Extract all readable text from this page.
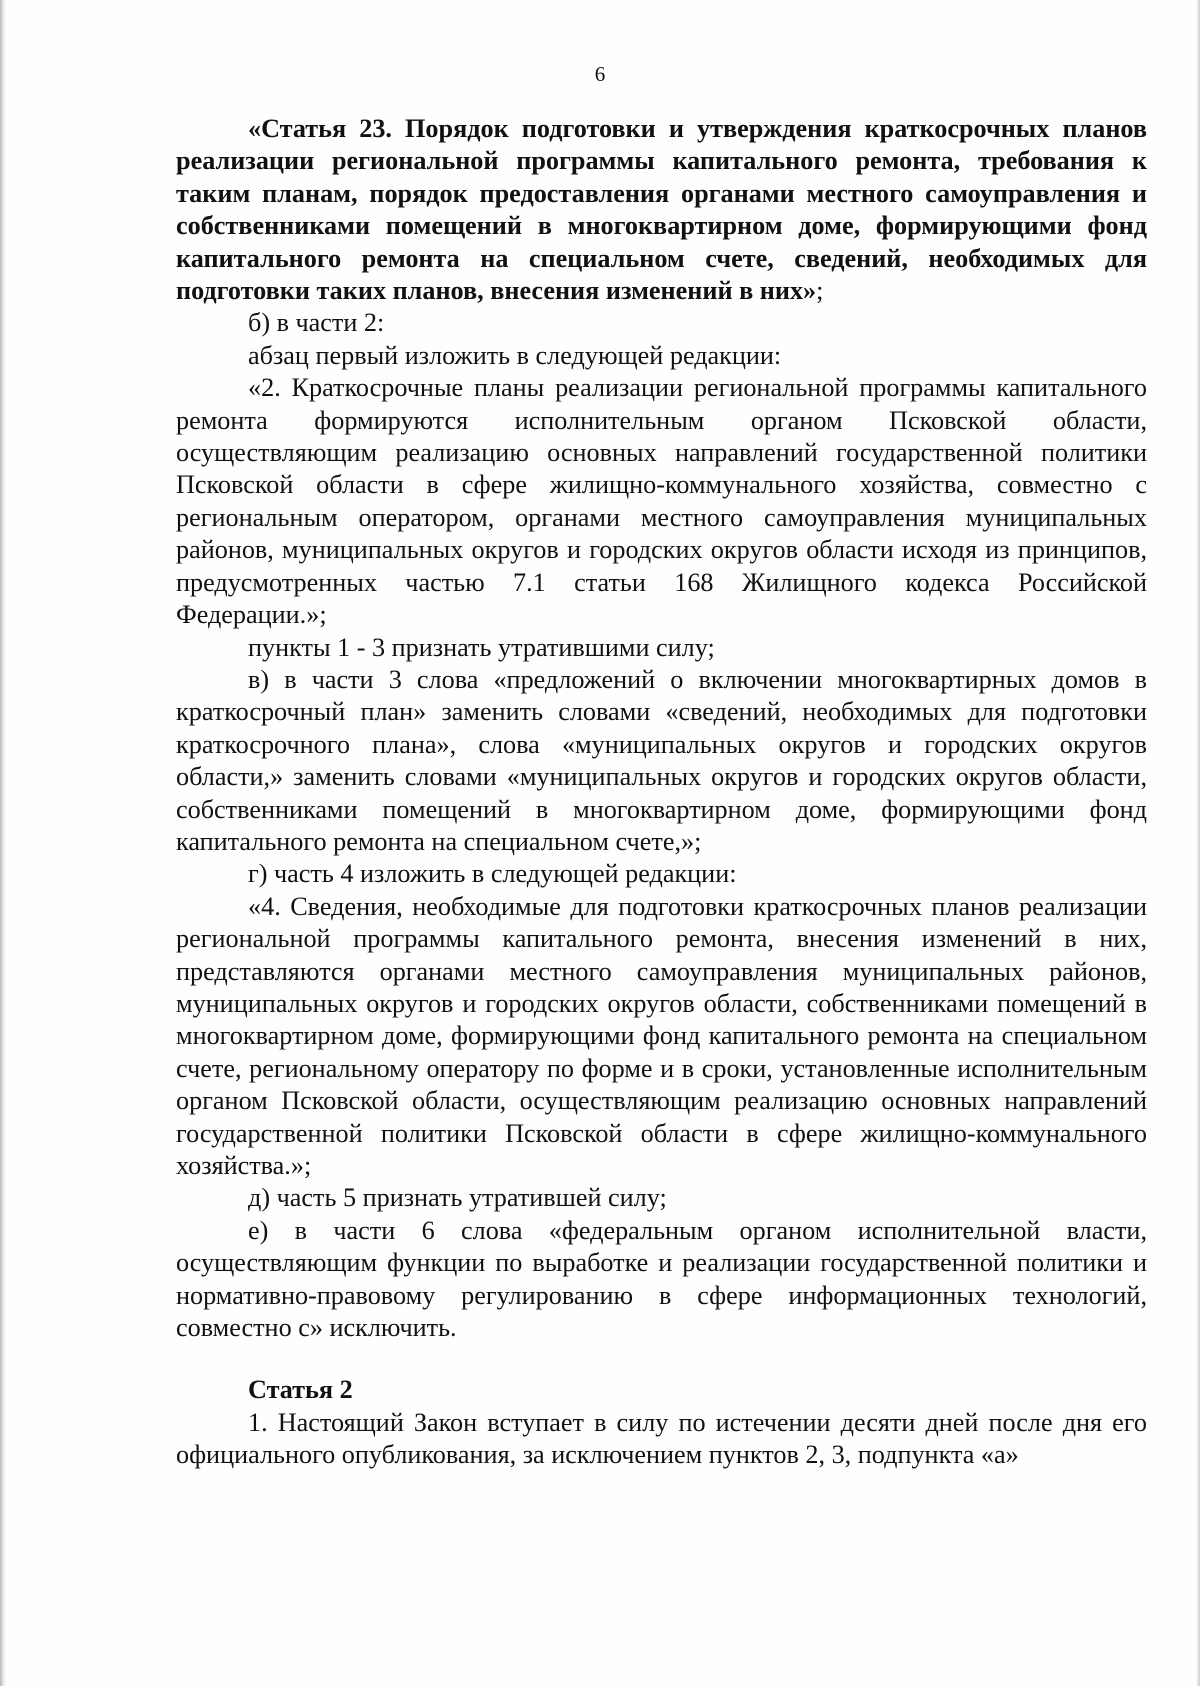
6

«Статья 23. Порядок подготовки и утверждения краткосрочных планов реализации региональной программы капитального ремонта, требования к таким планам, порядок предоставления органами местного самоуправления и собственниками помещений в многоквартирном доме, формирующими фонд капитального ремонта на специальном счете, сведений, необходимых для подготовки таких планов, внесения изменений в них»;

б) в части 2:

абзац первый изложить в следующей редакции:

«2. Краткосрочные планы реализации региональной программы капитального ремонта формируются исполнительным органом Псковской области, осуществляющим реализацию основных направлений государственной политики Псковской области в сфере жилищно-коммунального хозяйства, совместно с региональным оператором, органами местного самоуправления муниципальных районов, муниципальных округов и городских округов области исходя из принципов, предусмотренных частью 7.1 статьи 168 Жилищного кодекса Российской Федерации.»;

пункты 1 - 3 признать утратившими силу;

в) в части 3 слова «предложений о включении многоквартирных домов в краткосрочный план» заменить словами «сведений, необходимых для подготовки краткосрочного плана», слова «муниципальных округов и городских округов области,» заменить словами «муниципальных округов и городских округов области, собственниками помещений в многоквартирном доме, формирующими фонд капитального ремонта на специальном счете,»;

г) часть 4 изложить в следующей редакции:

«4. Сведения, необходимые для подготовки краткосрочных планов реализации региональной программы капитального ремонта, внесения изменений в них, представляются органами местного самоуправления муниципальных районов, муниципальных округов и городских округов области, собственниками помещений в многоквартирном доме, формирующими фонд капитального ремонта на специальном счете, региональному оператору по форме и в сроки, установленные исполнительным органом Псковской области, осуществляющим реализацию основных направлений государственной политики Псковской области в сфере жилищно-коммунального хозяйства.»;

д) часть 5 признать утратившей силу;

е) в части 6 слова «федеральным органом исполнительной власти, осуществляющим функции по выработке и реализации государственной политики и нормативно-правовому регулированию в сфере информационных технологий, совместно с» исключить.

Статья 2

1. Настоящий Закон вступает в силу по истечении десяти дней после дня его официального опубликования, за исключением пунктов 2, 3, подпункта «а»
